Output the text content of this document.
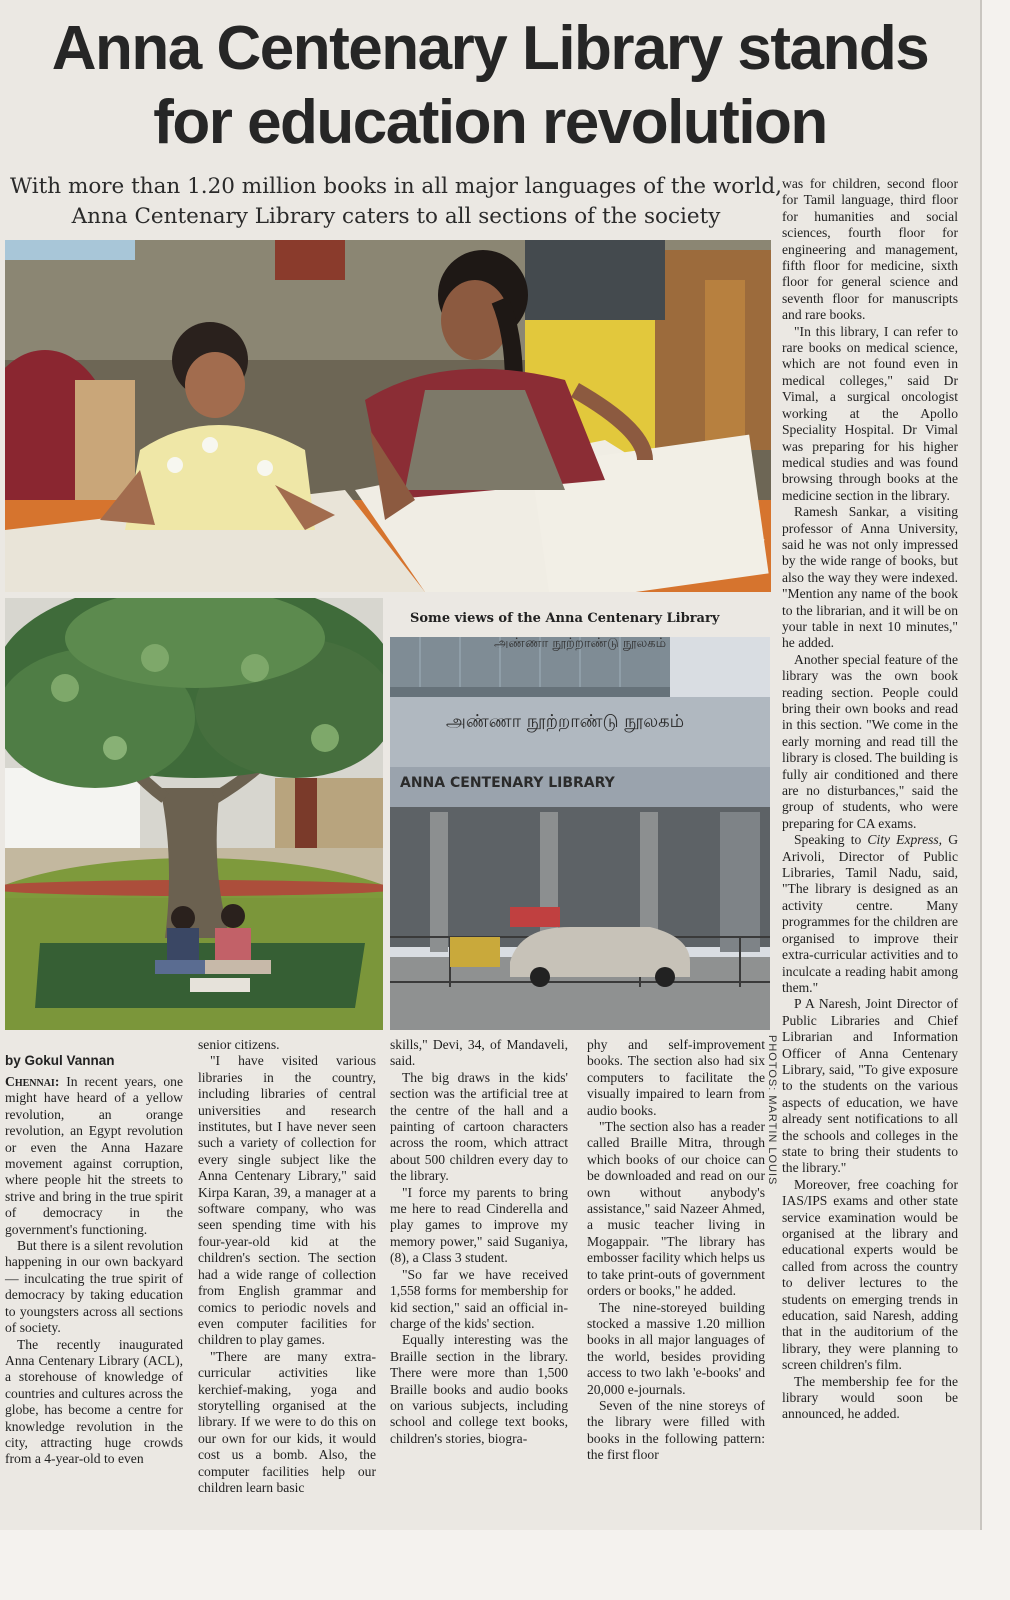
Anna Centenary Library stands
for education revolution
With more than 1.20 million books in all major languages of the world, Anna Centenary Library caters to all sections of the society
Some views of the Anna Centenary Library
அண்ணா நூற்றாண்டு நூலகம்
அண்ணா நூற்றாண்டு நூலகம்
ANNA CENTENARY LIBRARY
PHOTOS: MARTIN LOUIS
by Gokul Vannan

Chennai: In recent years, one might have heard of a yellow revolution, an orange revolution, an Egypt revolution or even the Anna Hazare movement against corruption, where people hit the streets to strive and bring in the true spirit of democracy in the government's functioning.

But there is a silent revolution happening in our own backyard — inculcating the true spirit of democracy by taking education to youngsters across all sections of society.

The recently inaugurated Anna Centenary Library (ACL), a storehouse of knowledge of countries and cultures across the globe, has become a centre for knowledge revolution in the city, attracting huge crowds from a 4-year-old to even

senior citizens.

"I have visited various libraries in the country, including libraries of central universities and research institutes, but I have never seen such a variety of collection for every single subject like the Anna Centenary Library," said Kirpa Karan, 39, a manager at a software company, who was seen spending time with his four-year-old kid at the children's section. The section had a wide range of collection from English grammar and comics to periodic novels and even computer facilities for children to play games.

"There are many extra-curricular activities like kerchief-making, yoga and storytelling organised at the library. If we were to do this on our own for our kids, it would cost us a bomb. Also, the computer facilities help our children learn basic

skills," Devi, 34, of Mandaveli, said.

The big draws in the kids' section was the artificial tree at the centre of the hall and a painting of cartoon characters across the room, which attract about 500 children every day to the library.

"I force my parents to bring me here to read Cinderella and play games to improve my memory power," said Suganiya, (8), a Class 3 student.

"So far we have received 1,558 forms for membership for kid section," said an official in-charge of the kids' section.

Equally interesting was the Braille section in the library. There were more than 1,500 Braille books and audio books on various subjects, including school and college text books, children's stories, biogra-

phy and self-improvement books. The section also had six computers to facilitate the visually impaired to learn from audio books.

"The section also has a reader called Braille Mitra, through which books of our choice can be downloaded and read on our own without anybody's assistance," said Nazeer Ahmed, a music teacher living in Mogappair. "The library has embosser facility which helps us to take print-outs of government orders or books," he added.

The nine-storeyed building stocked a massive 1.20 million books in all major languages of the world, besides providing access to two lakh 'e-books' and 20,000 e-journals.

Seven of the nine storeys of the library were filled with books in the following pattern: the first floor

was for children, second floor for Tamil language, third floor for humanities and social sciences, fourth floor for engineering and management, fifth floor for medicine, sixth floor for general science and seventh floor for manuscripts and rare books.

"In this library, I can refer to rare books on medical science, which are not found even in medical colleges," said Dr Vimal, a surgical oncologist working at the Apollo Speciality Hospital. Dr Vimal was preparing for his higher medical studies and was found browsing through books at the medicine section in the library.

Ramesh Sankar, a visiting professor of Anna University, said he was not only impressed by the wide range of books, but also the way they were indexed. "Mention any name of the book to the librarian, and it will be on your table in next 10 minutes," he added.

Another special feature of the library was the own book reading section. People could bring their own books and read in this section. "We come in the early morning and read till the library is closed. The building is fully air conditioned and there are no disturbances," said the group of students, who were preparing for CA exams.

Speaking to City Express, G Arivoli, Director of Public Libraries, Tamil Nadu, said, "The library is designed as an activity centre. Many programmes for the children are organised to improve their extra-curricular activities and to inculcate a reading habit among them."

P A Naresh, Joint Director of Public Libraries and Chief Librarian and Information Officer of Anna Centenary Library, said, "To give exposure to the students on the various aspects of education, we have already sent notifications to all the schools and colleges in the state to bring their students to the library."

Moreover, free coaching for IAS/IPS exams and other state service examination would be organised at the library and educational experts would be called from across the country to deliver lectures to the students on emerging trends in education, said Naresh, adding that in the auditorium of the library, they were planning to screen children's film.

The membership fee for the library would soon be announced, he added.
